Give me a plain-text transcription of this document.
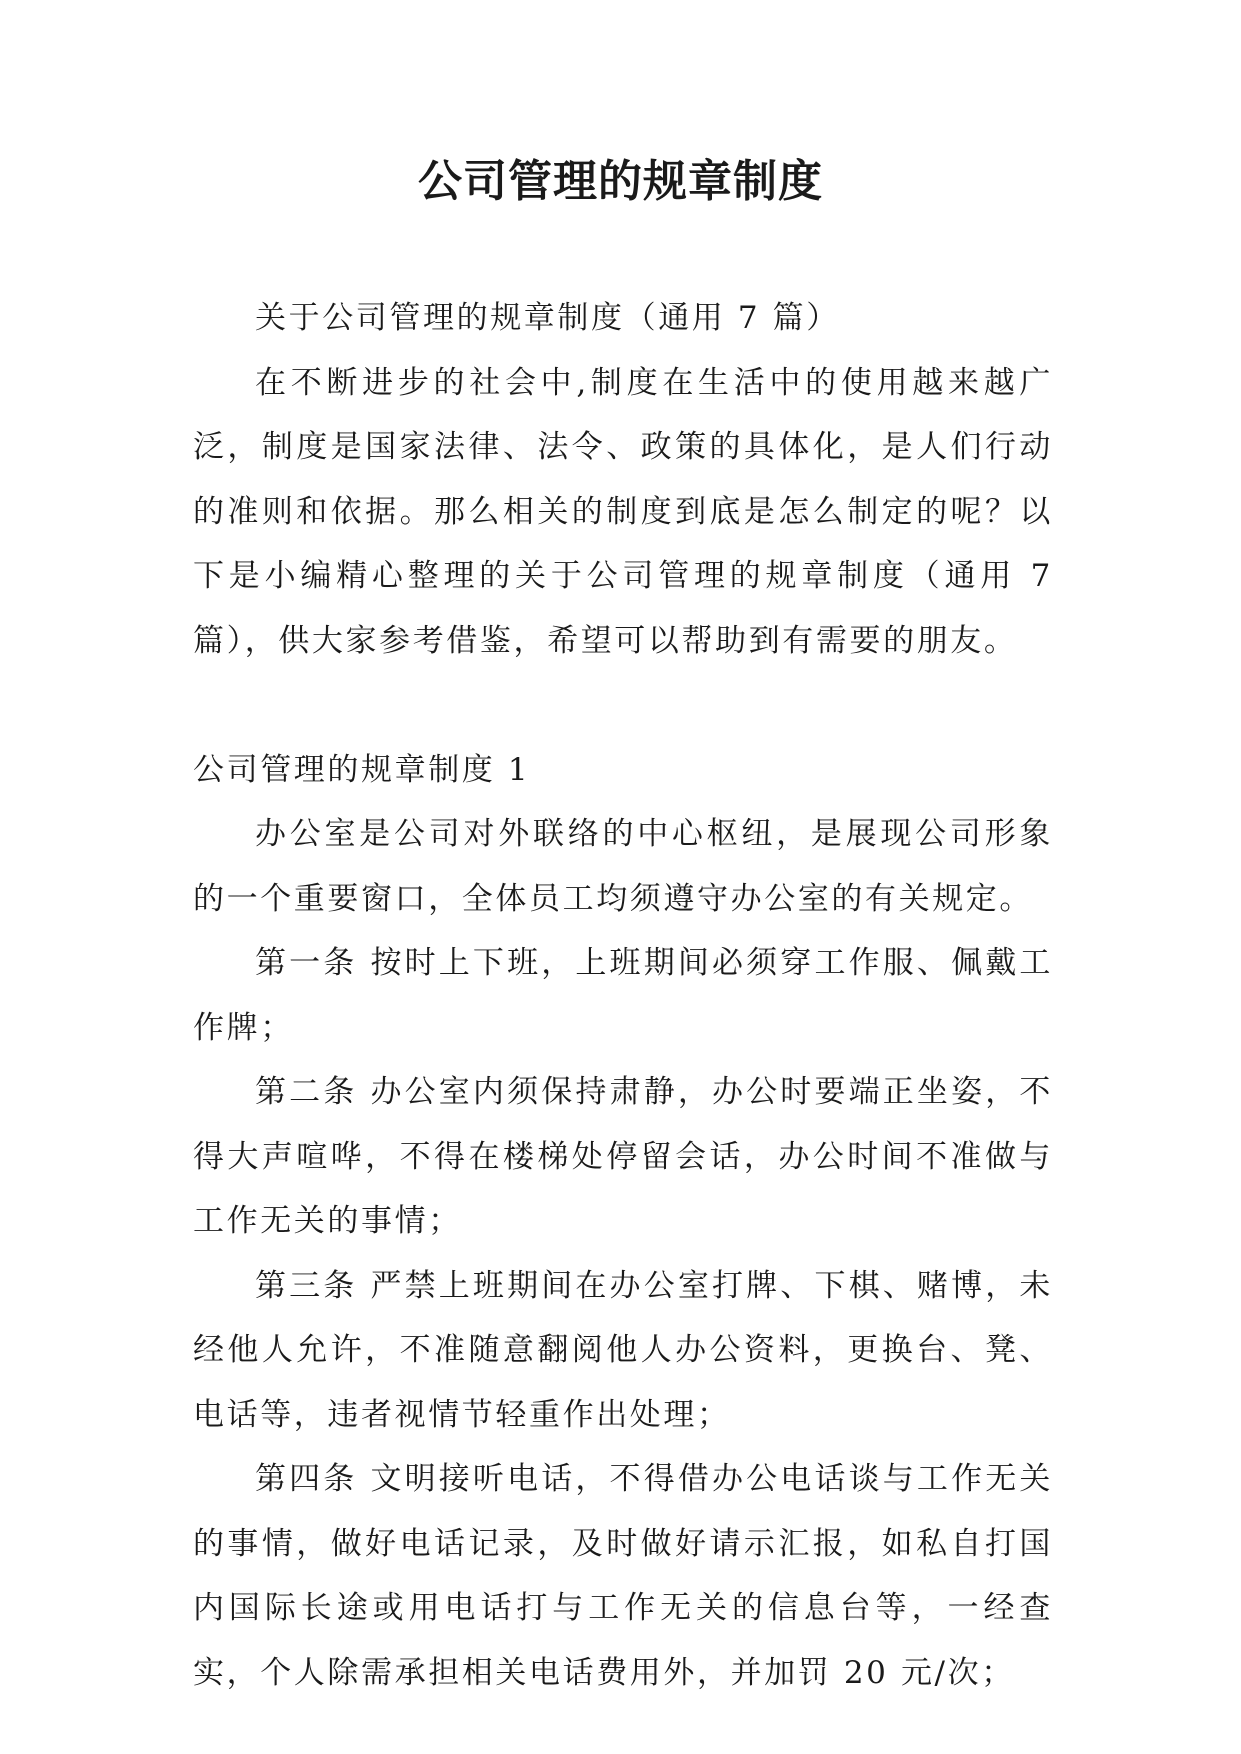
公司管理的规章制度

关于公司管理的规章制度（通用 7 篇）

在不断进步的社会中,制度在生活中的使用越来越广泛，制度是国家法律、法令、政策的具体化，是人们行动的准则和依据。那么相关的制度到底是怎么制定的呢？以下是小编精心整理的关于公司管理的规章制度（通用 7 篇），供大家参考借鉴，希望可以帮助到有需要的朋友。

公司管理的规章制度 1

办公室是公司对外联络的中心枢纽，是展现公司形象的一个重要窗口，全体员工均须遵守办公室的有关规定。

第一条 按时上下班，上班期间必须穿工作服、佩戴工作牌；

第二条 办公室内须保持肃静，办公时要端正坐姿，不得大声喧哗，不得在楼梯处停留会话，办公时间不准做与工作无关的事情；

第三条 严禁上班期间在办公室打牌、下棋、赌博，未经他人允许，不准随意翻阅他人办公资料，更换台、凳、电话等，违者视情节轻重作出处理；

第四条 文明接听电话，不得借办公电话谈与工作无关的事情，做好电话记录，及时做好请示汇报，如私自打国内国际长途或用电话打与工作无关的信息台等，一经查实，个人除需承担相关电话费用外，并加罚 20 元/次；
